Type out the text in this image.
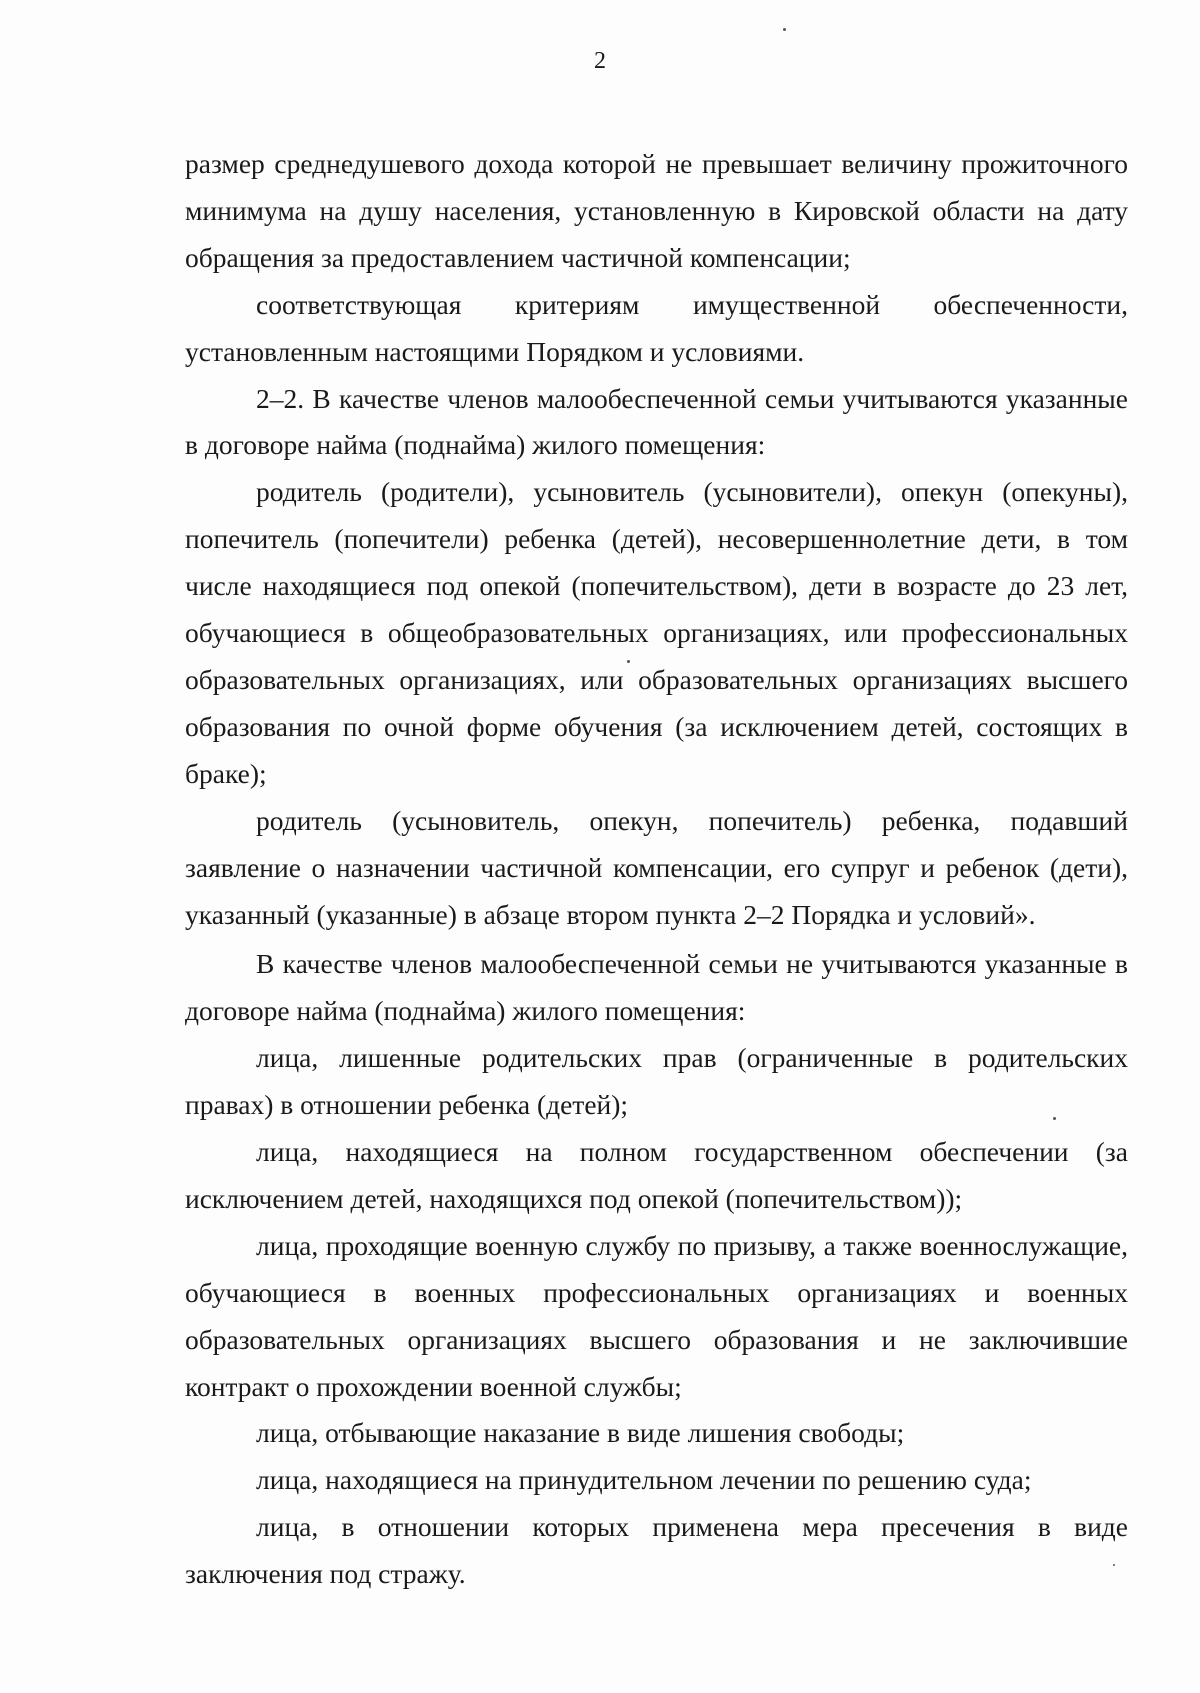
2

размер среднедушевого дохода которой не превышает величину прожиточного минимума на душу населения, установленную в Кировской области на дату обращения за предоставлением частичной компенсации;

соответствующая критериям имущественной обеспеченности, установленным настоящими Порядком и условиями.

2–2. В качестве членов малообеспеченной семьи учитываются указанные в договоре найма (поднайма) жилого помещения:

родитель (родители), усыновитель (усыновители), опекун (опекуны), попечитель (попечители) ребенка (детей), несовершеннолетние дети, в том числе находящиеся под опекой (попечительством), дети в возрасте до 23 лет, обучающиеся в общеобразовательных организациях, или профессиональных образовательных организациях, или образовательных организациях высшего образования по очной форме обучения (за исключением детей, состоящих в браке);

родитель (усыновитель, опекун, попечитель) ребенка, подавший заявление о назначении частичной компенсации, его супруг и ребенок (дети), указанный (указанные) в абзаце втором пункта 2–2 Порядка и условий».

В качестве членов малообеспеченной семьи не учитываются указанные в договоре найма (поднайма) жилого помещения:

лица, лишенные родительских прав (ограниченные в родительских правах) в отношении ребенка (детей);

лица, находящиеся на полном государственном обеспечении (за исключением детей, находящихся под опекой (попечительством));

лица, проходящие военную службу по призыву, а также военнослужащие, обучающиеся в военных профессиональных организациях и военных образовательных организациях высшего образования и не заключившие контракт о прохождении военной службы;

лица, отбывающие наказание в виде лишения свободы;

лица, находящиеся на принудительном лечении по решению суда;

лица, в отношении которых применена мера пресечения в виде заключения под стражу.
